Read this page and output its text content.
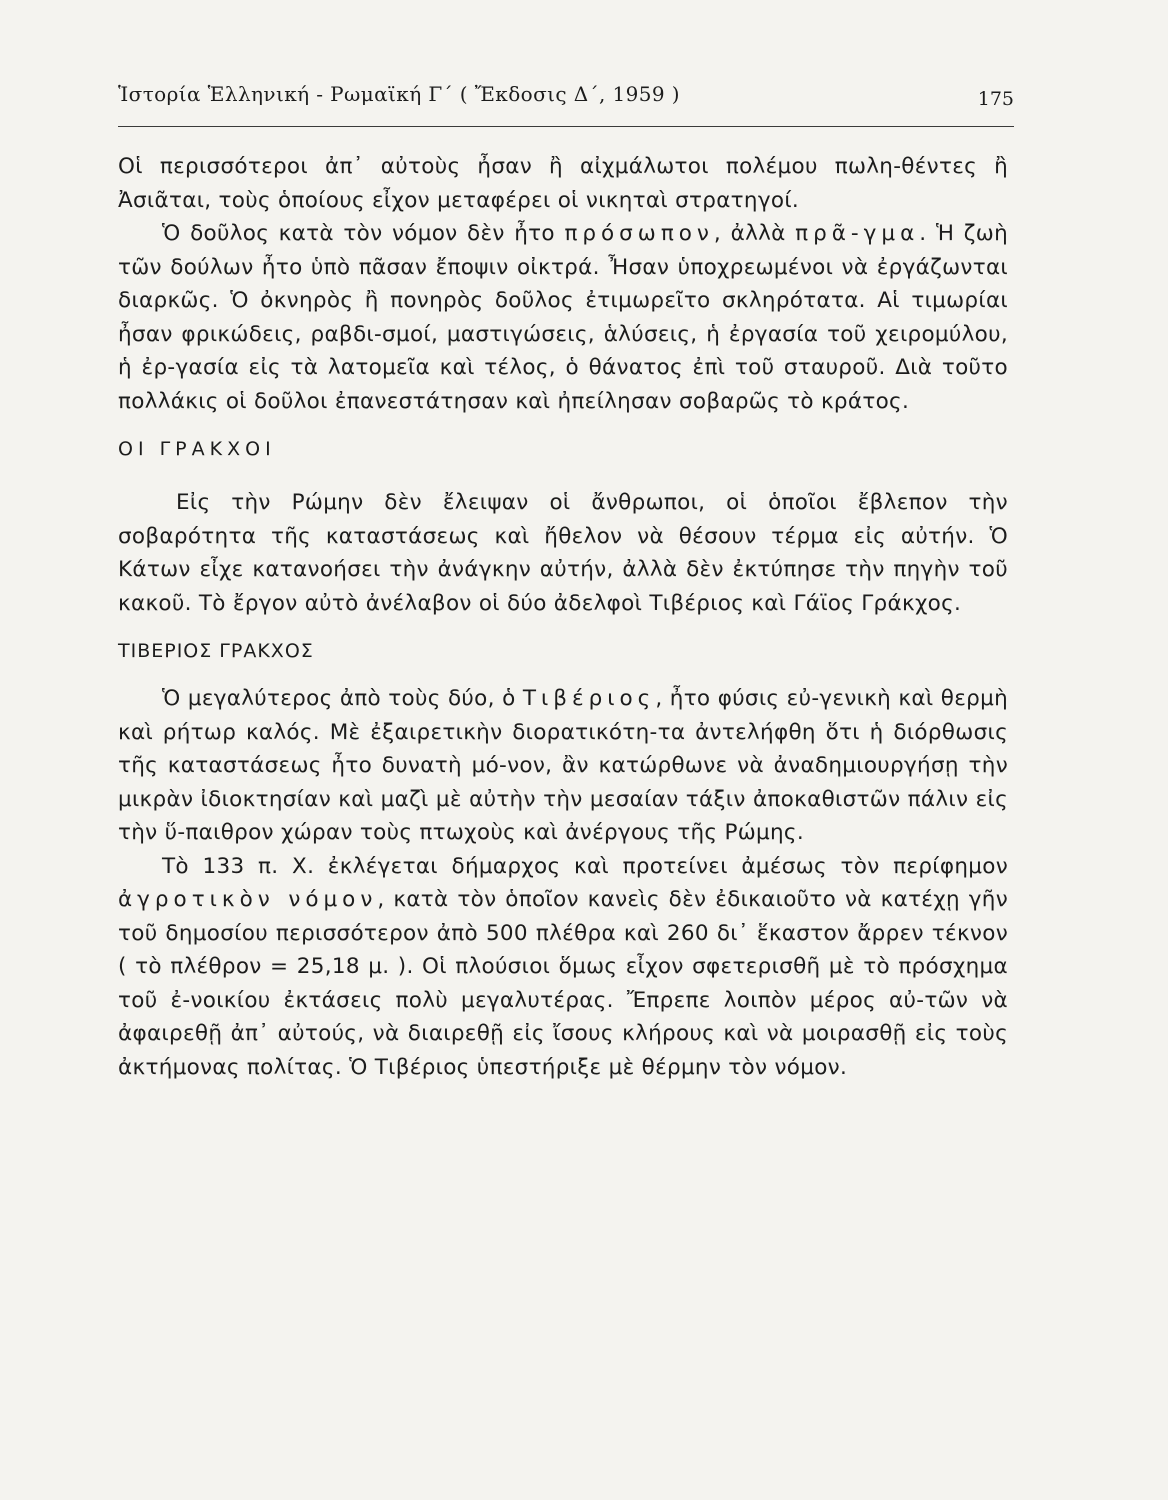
Ἱστορία Ἑλληνική - Ρωμαϊκή Γ΄ ( Ἔκδοσις Δ΄, 1959 )	175

Οἱ περισσότεροι ἀπ᾽ αὐτοὺς ἦσαν ἢ αἰχμάλωτοι πολέμου πωλη-θέντες ἢ Ἀσιᾶται, τοὺς ὁποίους εἶχον μεταφέρει οἱ νικηταὶ στρατηγοί.

Ὁ δοῦλος κατὰ τὸν νόμον δὲν ἦτο πρόσωπον, ἀλλὰ πρᾶ-γμα. Ἡ ζωὴ τῶν δούλων ἦτο ὑπὸ πᾶσαν ἔποψιν οἰκτρά. Ἦσαν ὑποχρεωμένοι νὰ ἐργάζωνται διαρκῶς. Ὁ ὀκνηρὸς ἢ πονηρὸς δοῦλος ἐτιμωρεῖτο σκληρότατα. Αἱ τιμωρίαι ἦσαν φρικώδεις, ραβδι-σμοί, μαστιγώσεις, ἁλύσεις, ἡ ἐργασία τοῦ χειρομύλου, ἡ ἐρ-γασία εἰς τὰ λατομεῖα καὶ τέλος, ὁ θάνατος ἐπὶ τοῦ σταυροῦ. Διὰ τοῦτο πολλάκις οἱ δοῦλοι ἐπανεστάτησαν καὶ ἠπείλησαν σοβαρῶς τὸ κράτος.

ΟΙ ΓΡΑΚΧΟΙ

Εἰς τὴν Ρώμην δὲν ἔλειψαν οἱ ἄνθρωποι, οἱ ὁποῖοι ἔβλεπον τὴν σοβαρότητα τῆς καταστάσεως καὶ ἤθελον νὰ θέσουν τέρμα εἰς αὐτήν. Ὁ Κάτων εἶχε κατανοήσει τὴν ἀνάγκην αὐτήν, ἀλλὰ δὲν ἐκτύπησε τὴν πηγὴν τοῦ κακοῦ. Τὸ ἔργον αὐτὸ ἀνέλαβον οἱ δύο ἀδελφοὶ Τιβέριος καὶ Γάϊος Γράκχος.

ΤΙΒΕΡΙΟΣ ΓΡΑΚΧΟΣ

Ὁ μεγαλύτερος ἀπὸ τοὺς δύο, ὁ Τιβέριος, ἦτο φύσις εὐ-γενικὴ καὶ θερμὴ καὶ ρήτωρ καλός. Μὲ ἐξαιρετικὴν διορατικότη-τα ἀντελήφθη ὅτι ἡ διόρθωσις τῆς καταστάσεως ἦτο δυνατὴ μό-νον, ἂν κατώρθωνε νὰ ἀναδημιουργήσῃ τὴν μικρὰν ἰδιοκτησίαν καὶ μαζὶ μὲ αὐτὴν τὴν μεσαίαν τάξιν ἀποκαθιστῶν πάλιν εἰς τὴν ὕ-παιθρον χώραν τοὺς πτωχοὺς καὶ ἀνέργους τῆς Ρώμης.

Τὸ 133 π. Χ. ἐκλέγεται δήμαρχος καὶ προτείνει ἀμέσως τὸν περίφημον ἀγροτικὸν νόμον, κατὰ τὸν ὁποῖον κανεὶς δὲν ἐδικαιοῦτο νὰ κατέχῃ γῆν τοῦ δημοσίου περισσότερον ἀπὸ 500 πλέθρα καὶ 260 δι᾽ ἕκαστον ἄρρεν τέκνον ( τὸ πλέθρον = 25,18 μ. ). Οἱ πλούσιοι ὅμως εἶχον σφετερισθῆ μὲ τὸ πρόσχημα τοῦ ἐ-νοικίου ἐκτάσεις πολὺ μεγαλυτέρας. Ἔπρεπε λοιπὸν μέρος αὐ-τῶν νὰ ἀφαιρεθῇ ἀπ᾽ αὐτούς, νὰ διαιρεθῇ εἰς ἴσους κλήρους καὶ νὰ μοιρασθῇ εἰς τοὺς ἀκτήμονας πολίτας. Ὁ Τιβέριος ὑπεστήριξε μὲ θέρμην τὸν νόμον.
